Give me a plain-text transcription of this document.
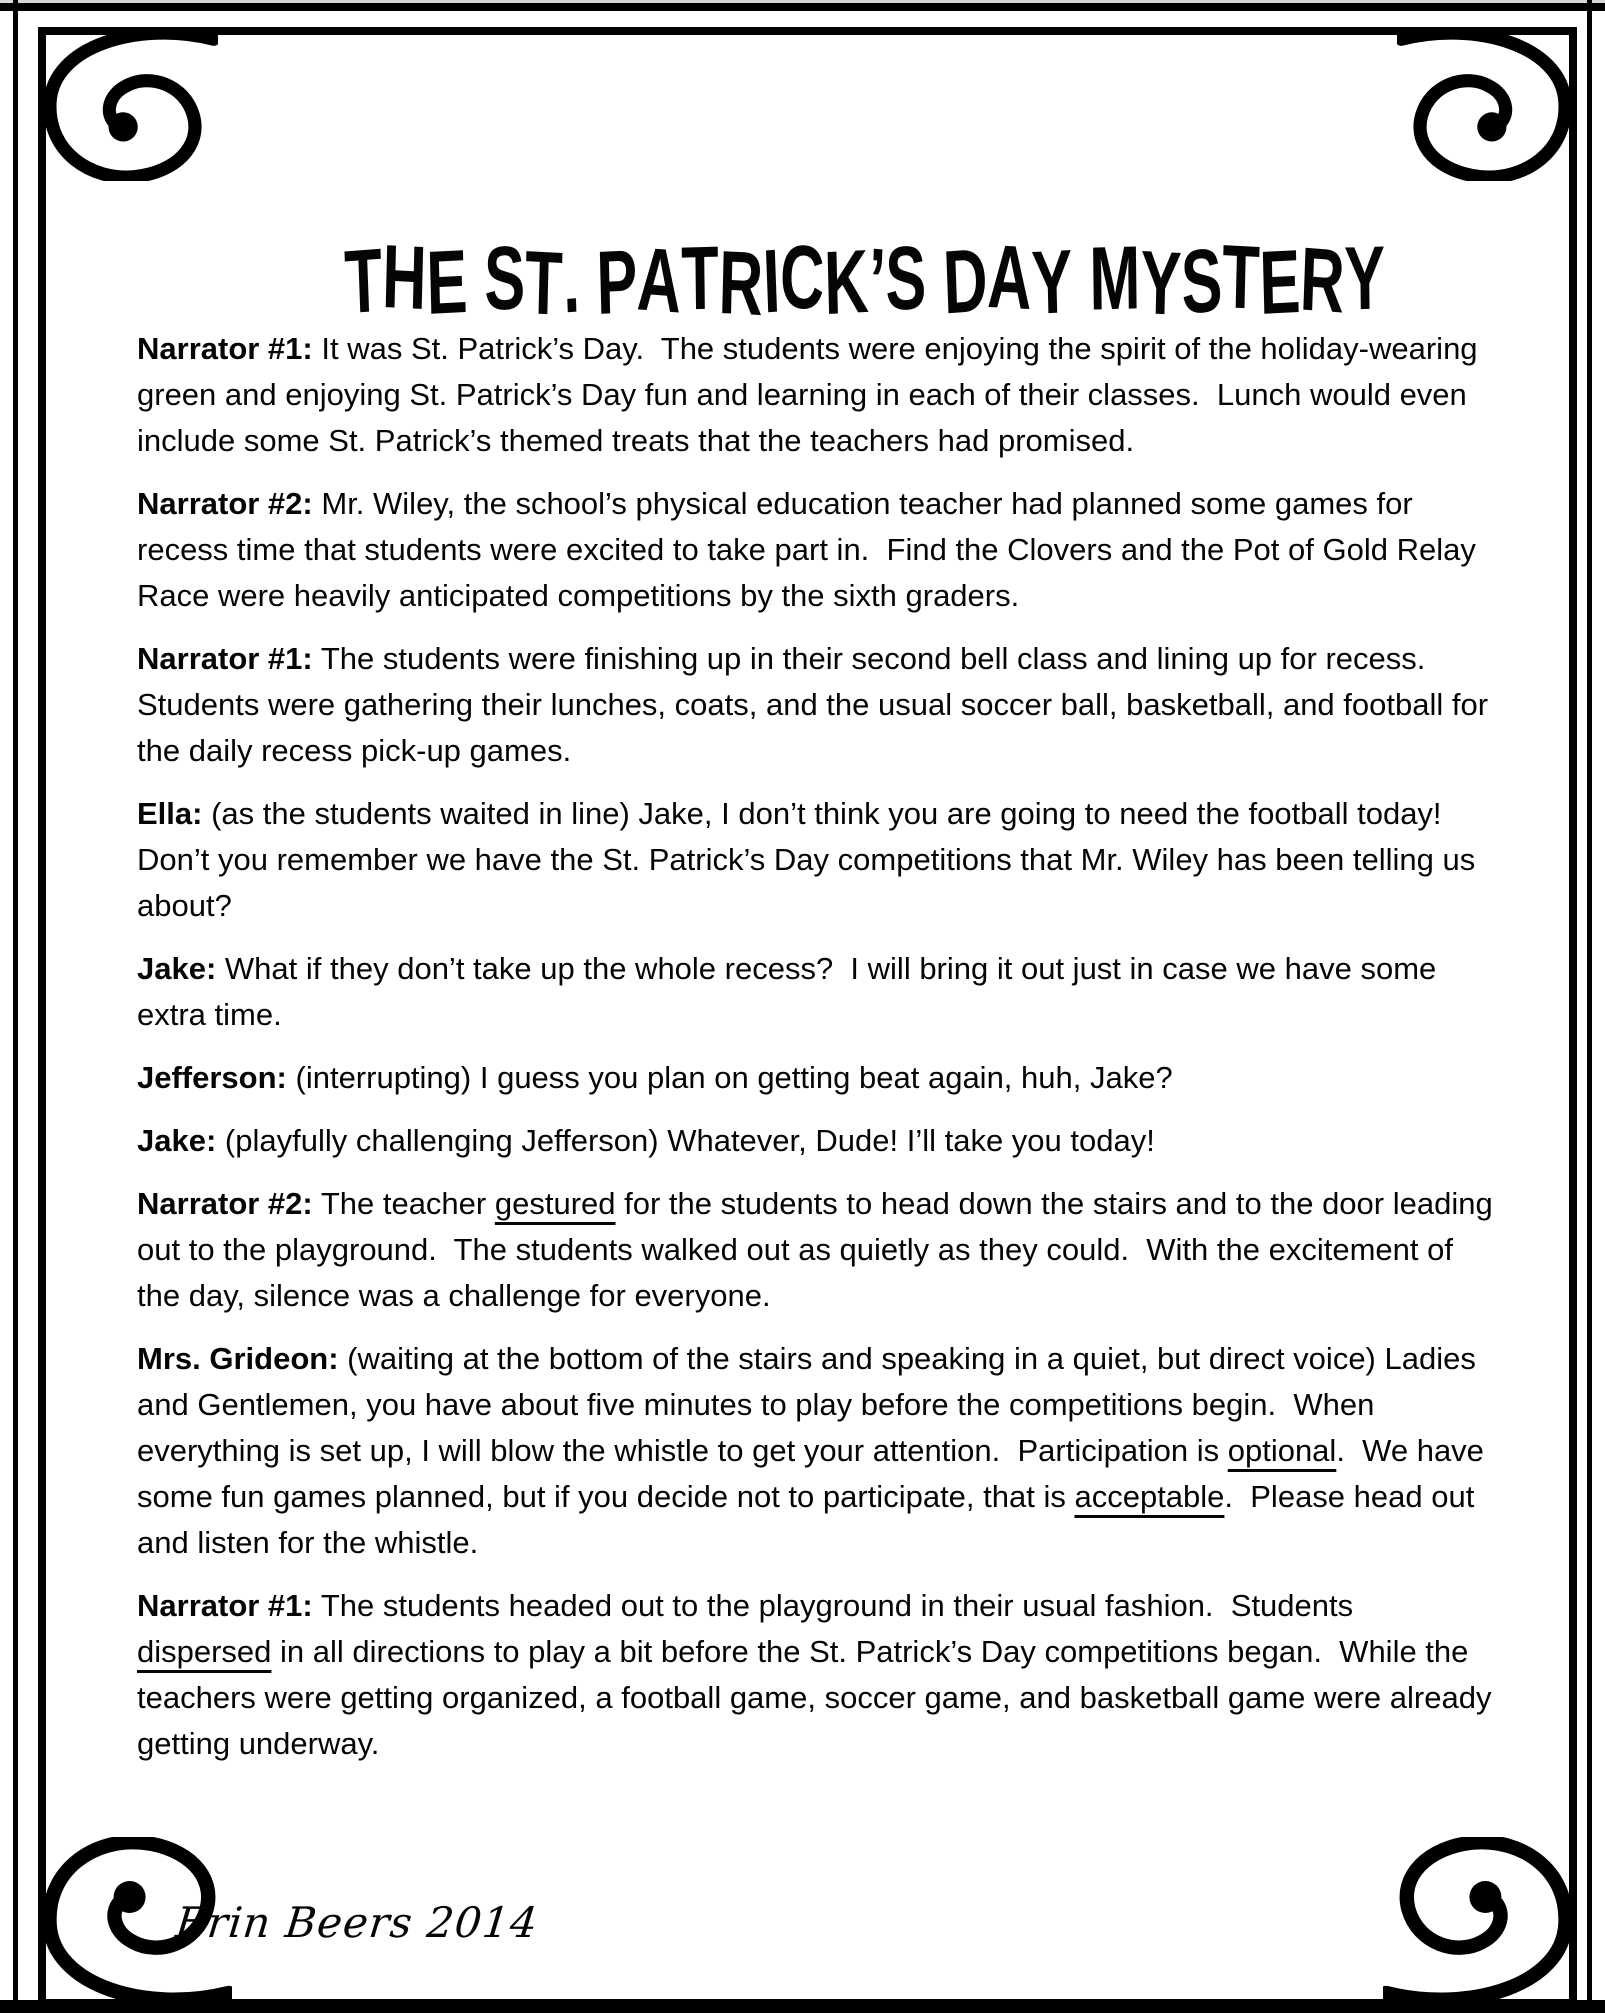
THE ST. PATRICK’S DAY MYSTERY

Narrator #1: It was St. Patrick’s Day.  The students were enjoying the spirit of the holiday-wearing green and enjoying St. Patrick’s Day fun and learning in each of their classes.  Lunch would even include some St. Patrick’s themed treats that the teachers had promised.

Narrator #2: Mr. Wiley, the school’s physical education teacher had planned some games for recess time that students were excited to take part in.  Find the Clovers and the Pot of Gold Relay Race were heavily anticipated competitions by the sixth graders.

Narrator #1: The students were finishing up in their second bell class and lining up for recess.  Students were gathering their lunches, coats, and the usual soccer ball, basketball, and football for the daily recess pick-up games.

Ella: (as the students waited in line) Jake, I don’t think you are going to need the football today!  Don’t you remember we have the St. Patrick’s Day competitions that Mr. Wiley has been telling us about?

Jake: What if they don’t take up the whole recess?  I will bring it out just in case we have some extra time.

Jefferson: (interrupting) I guess you plan on getting beat again, huh, Jake?

Jake: (playfully challenging Jefferson) Whatever, Dude! I’ll take you today!

Narrator #2: The teacher gestured for the students to head down the stairs and to the door leading out to the playground.  The students walked out as quietly as they could.  With the excitement of the day, silence was a challenge for everyone.

Mrs. Grideon: (waiting at the bottom of the stairs and speaking in a quiet, but direct voice) Ladies and Gentlemen, you have about five minutes to play before the competitions begin.  When everything is set up, I will blow the whistle to get your attention.  Participation is optional.  We have some fun games planned, but if you decide not to participate, that is acceptable.  Please head out and listen for the whistle.

Narrator #1: The students headed out to the playground in their usual fashion.  Students dispersed in all directions to play a bit before the St. Patrick’s Day competitions began.  While the teachers were getting organized, a football game, soccer game, and basketball game were already getting underway.

Erin Beers 2014
